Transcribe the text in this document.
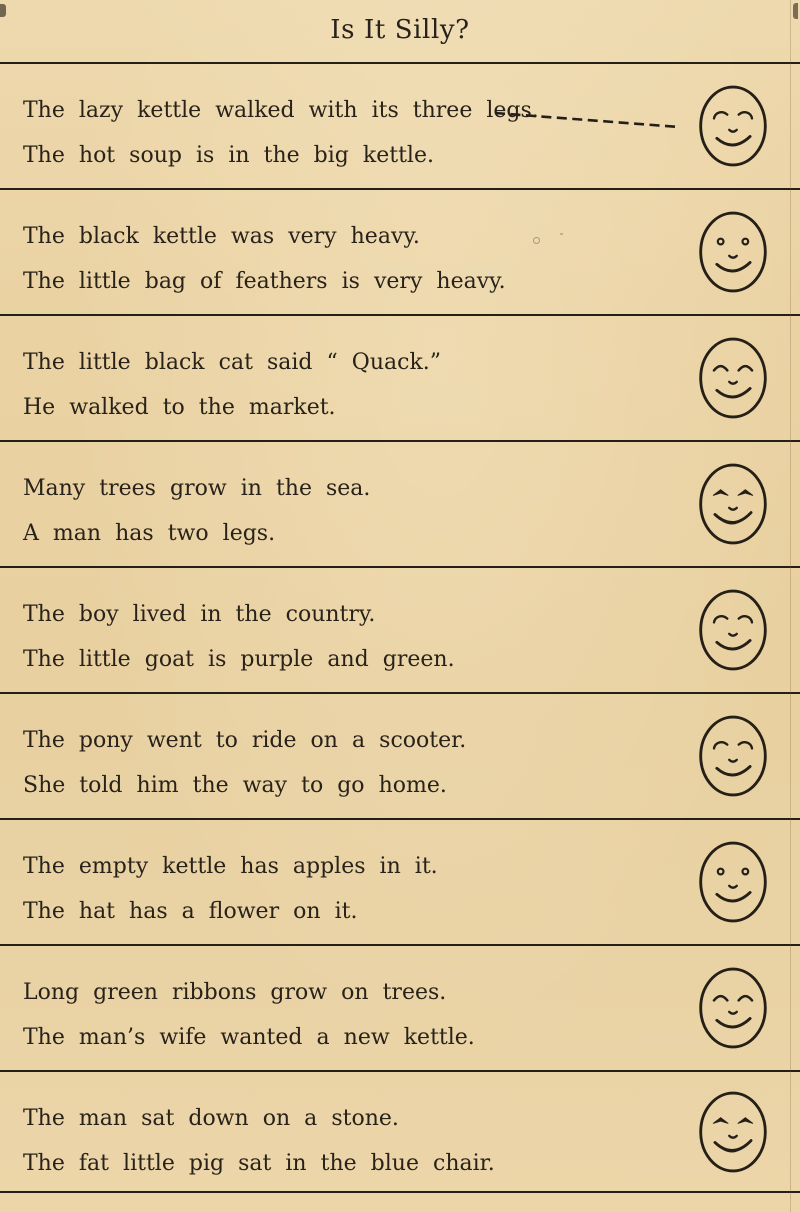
Is It Silly?
The lazy kettle walked with its three legs.
The hot soup is in the big kettle.
The black kettle was very heavy.
The little bag of feathers is very heavy.
The little black cat said “ Quack.”
He walked to the market.
Many trees grow in the sea.
A man has two legs.
The boy lived in the country.
The little goat is purple and green.
The pony went to ride on a scooter.
She told him the way to go home.
The empty kettle has apples in it.
The hat has a flower on it.
Long green ribbons grow on trees.
The man’s wife wanted a new kettle.
The man sat down on a stone.
The fat little pig sat in the blue chair.
